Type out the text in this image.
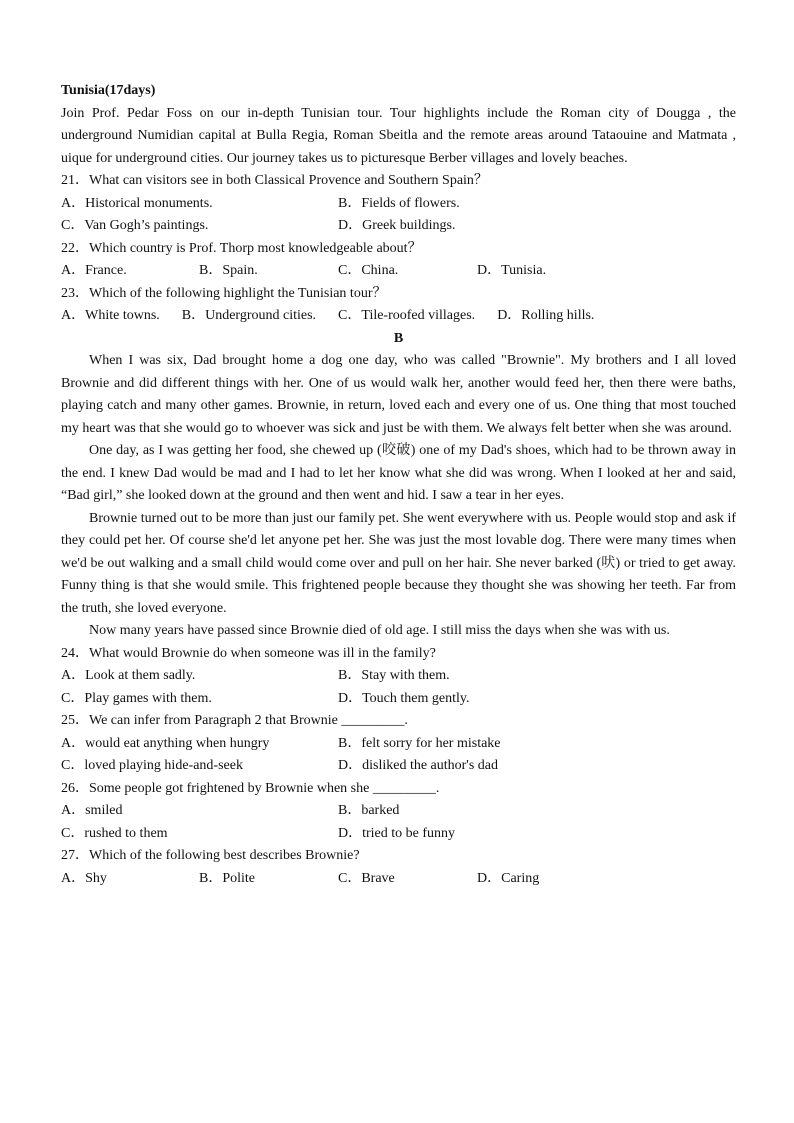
Tunisia(17days)
Join Prof. Pedar Foss on our in-depth Tunisian tour. Tour highlights include the Roman city of Dougga , the underground Numidian capital at Bulla Regia, Roman Sbeitla and the remote areas around Tataouine and Matmata , uique for underground cities. Our journey takes us to picturesque Berber villages and lovely beaches.
21．What can visitors see in both Classical Provence and Southern Spain？
A．Historical monuments.	B．Fields of flowers.
C．Van Gogh’s paintings.	D．Greek buildings.
22．Which country is Prof. Thorp most knowledgeable about？
A．France.	B．Spain.	C．China.	D．Tunisia.
23．Which of the following highlight the Tunisian tour？
A．White towns. B．Underground cities. C．Tile-roofed villages. D．Rolling hills.
B
When I was six, Dad brought home a dog one day, who was called "Brownie". My brothers and I all loved Brownie and did different things with her. One of us would walk her, another would feed her, then there were baths, playing catch and many other games. Brownie, in return, loved each and every one of us. One thing that most touched my heart was that she would go to whoever was sick and just be with them. We always felt better when she was around.
One day, as I was getting her food, she chewed up (咬破) one of my Dad's shoes, which had to be thrown away in the end. I knew Dad would be mad and I had to let her know what she did was wrong. When I looked at her and said, “Bad girl,” she looked down at the ground and then went and hid. I saw a tear in her eyes.
Brownie turned out to be more than just our family pet. She went everywhere with us. People would stop and ask if they could pet her. Of course she'd let anyone pet her. She was just the most lovable dog. There were many times when we'd be out walking and a small child would come over and pull on her hair. She never barked (吠) or tried to get away. Funny thing is that she would smile. This frightened people because they thought she was showing her teeth. Far from the truth, she loved everyone.
Now many years have passed since Brownie died of old age. I still miss the days when she was with us.
24．What would Brownie do when someone was ill in the family?
A．Look at them sadly.	B．Stay with them.
C．Play games with them.	D．Touch them gently.
25．We can infer from Paragraph 2 that Brownie _________.
A．would eat anything when hungry	B．felt sorry for her mistake
C．loved playing hide-and-seek	D．disliked the author's dad
26．Some people got frightened by Brownie when she _________.
A．smiled	B．barked
C．rushed to them	D．tried to be funny
27．Which of the following best describes Brownie?
A．Shy	B．Polite	C．Brave	D．Caring
